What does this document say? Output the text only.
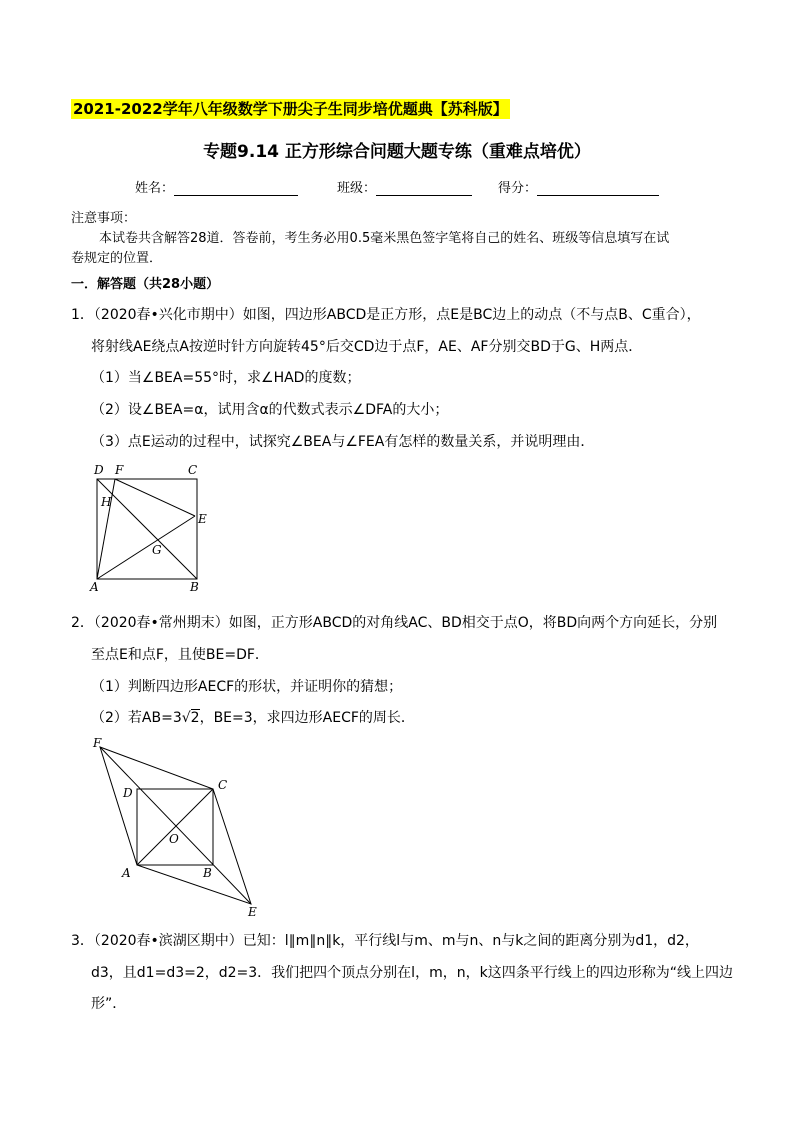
2021-2022学年八年级数学下册尖子生同步培优题典【苏科版】
专题9.14 正方形综合问题大题专练（重难点培优）
姓名：	班级：	得分：
注意事项：
本试卷共含解答28道．答卷前，考生务必用0.5毫米黑色签字笔将自己的姓名、班级等信息填写在试
卷规定的位置．
一．解答题（共28小题）
1．（2020春•兴化市期中）如图，四边形ABCD是正方形，点E是BC边上的动点（不与点B、C重合），
将射线AE绕点A按逆时针方向旋转45°后交CD边于点F，AE、AF分别交BD于G、H两点．
（1）当∠BEA=55°时，求∠HAD的度数；
（2）设∠BEA=α，试用含α的代数式表示∠DFA的大小；
（3）点E运动的过程中，试探究∠BEA与∠FEA有怎样的数量关系，并说明理由．
D F	C
H
E
G
A	B
2．（2020春•常州期末）如图，正方形ABCD的对角线AC、BD相交于点O，将BD向两个方向延长，分别
至点E和点F，且使BE=DF．
（1）判断四边形AECF的形状，并证明你的猜想；
（2）若AB=3√2，BE=3，求四边形AECF的周长．
F
D
C
O
A	B
E
3．（2020春•滨湖区期中）已知：l∥m∥n∥k，平行线l与m、m与n、n与k之间的距离分别为d1，d2，
d3，且d1=d3=2，d2=3．我们把四个顶点分别在l，m，n，k这四条平行线上的四边形称为“线上四边
形”．
